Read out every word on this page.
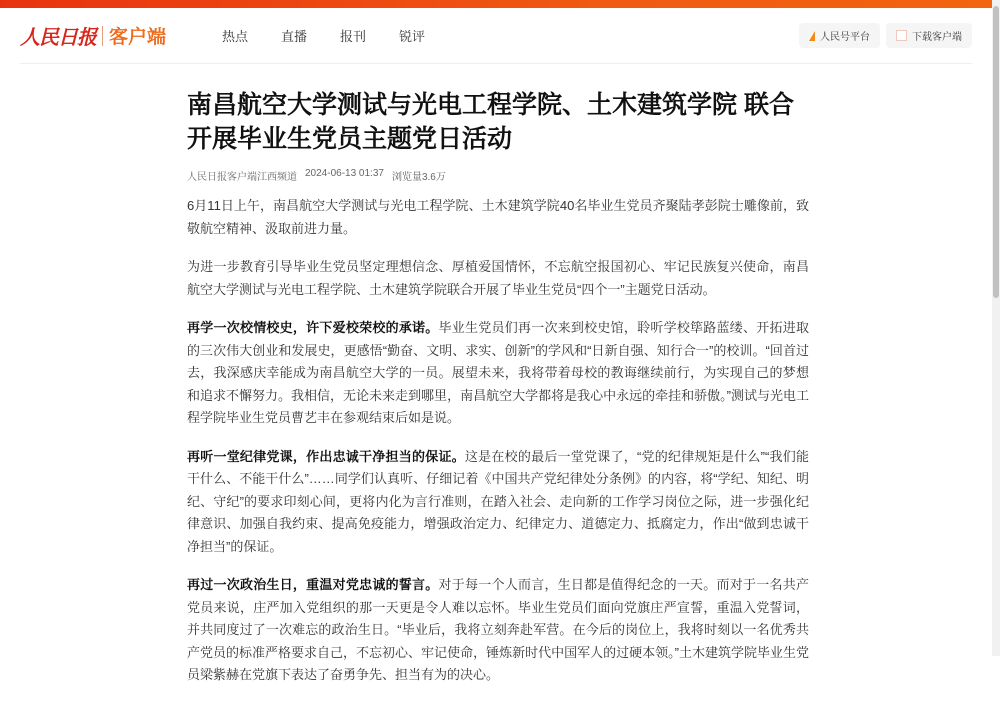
人民日报 客户端	热点	直播	报刊	锐评	人民号平台	下载客户端
南昌航空大学测试与光电工程学院、土木建筑学院 联合开展毕业生党员主题党日活动
人民日报客户端江西频道 2024-06-13 01:37 浏览量3.6万

6月11日上午，南昌航空大学测试与光电工程学院、土木建筑学院40名毕业生党员齐聚陆孝彭院士雕像前，致敬航空精神、汲取前进力量。

为进一步教育引导毕业生党员坚定理想信念、厚植爱国情怀，不忘航空报国初心、牢记民族复兴使命，南昌航空大学测试与光电工程学院、土木建筑学院联合开展了毕业生党员“四个一”主题党日活动。

再学一次校情校史，许下爱校荣校的承诺。毕业生党员们再一次来到校史馆，聆听学校筚路蓝缕、开拓进取的三次伟大创业和发展史，更感悟“勤奋、文明、求实、创新”的学风和“日新自强、知行合一”的校训。“回首过去，我深感庆幸能成为南昌航空大学的一员。展望未来，我将带着母校的教诲继续前行，为实现自己的梦想和追求不懈努力。我相信，无论未来走到哪里，南昌航空大学都将是我心中永远的牵挂和骄傲。”测试与光电工程学院毕业生党员曹艺丰在参观结束后如是说。

再听一堂纪律党课，作出忠诚干净担当的保证。这是在校的最后一堂党课了，“党的纪律规矩是什么”“我们能干什么、不能干什么”……同学们认真听、仔细记着《中国共产党纪律处分条例》的内容，将“学纪、知纪、明纪、守纪”的要求印刻心间，更将内化为言行准则，在踏入社会、走向新的工作学习岗位之际，进一步强化纪律意识、加强自我约束、提高免疫能力，增强政治定力、纪律定力、道德定力、抵腐定力，作出“做到忠诚干净担当”的保证。

再过一次政治生日，重温对党忠诚的誓言。对于每一个人而言，生日都是值得纪念的一天。而对于一名共产党员来说，庄严加入党组织的那一天更是令人难以忘怀。毕业生党员们面向党旗庄严宣誓，重温入党誓词，并共同度过了一次难忘的政治生日。“毕业后，我将立刻奔赴军营。在今后的岗位上，我将时刻以一名优秀共产党员的标准严格要求自己，不忘初心、牢记使命，锤炼新时代中国军人的过硬本领。”土木建筑学院毕业生党员梁紫赫在党旗下表达了奋勇争先、担当有为的决心。
